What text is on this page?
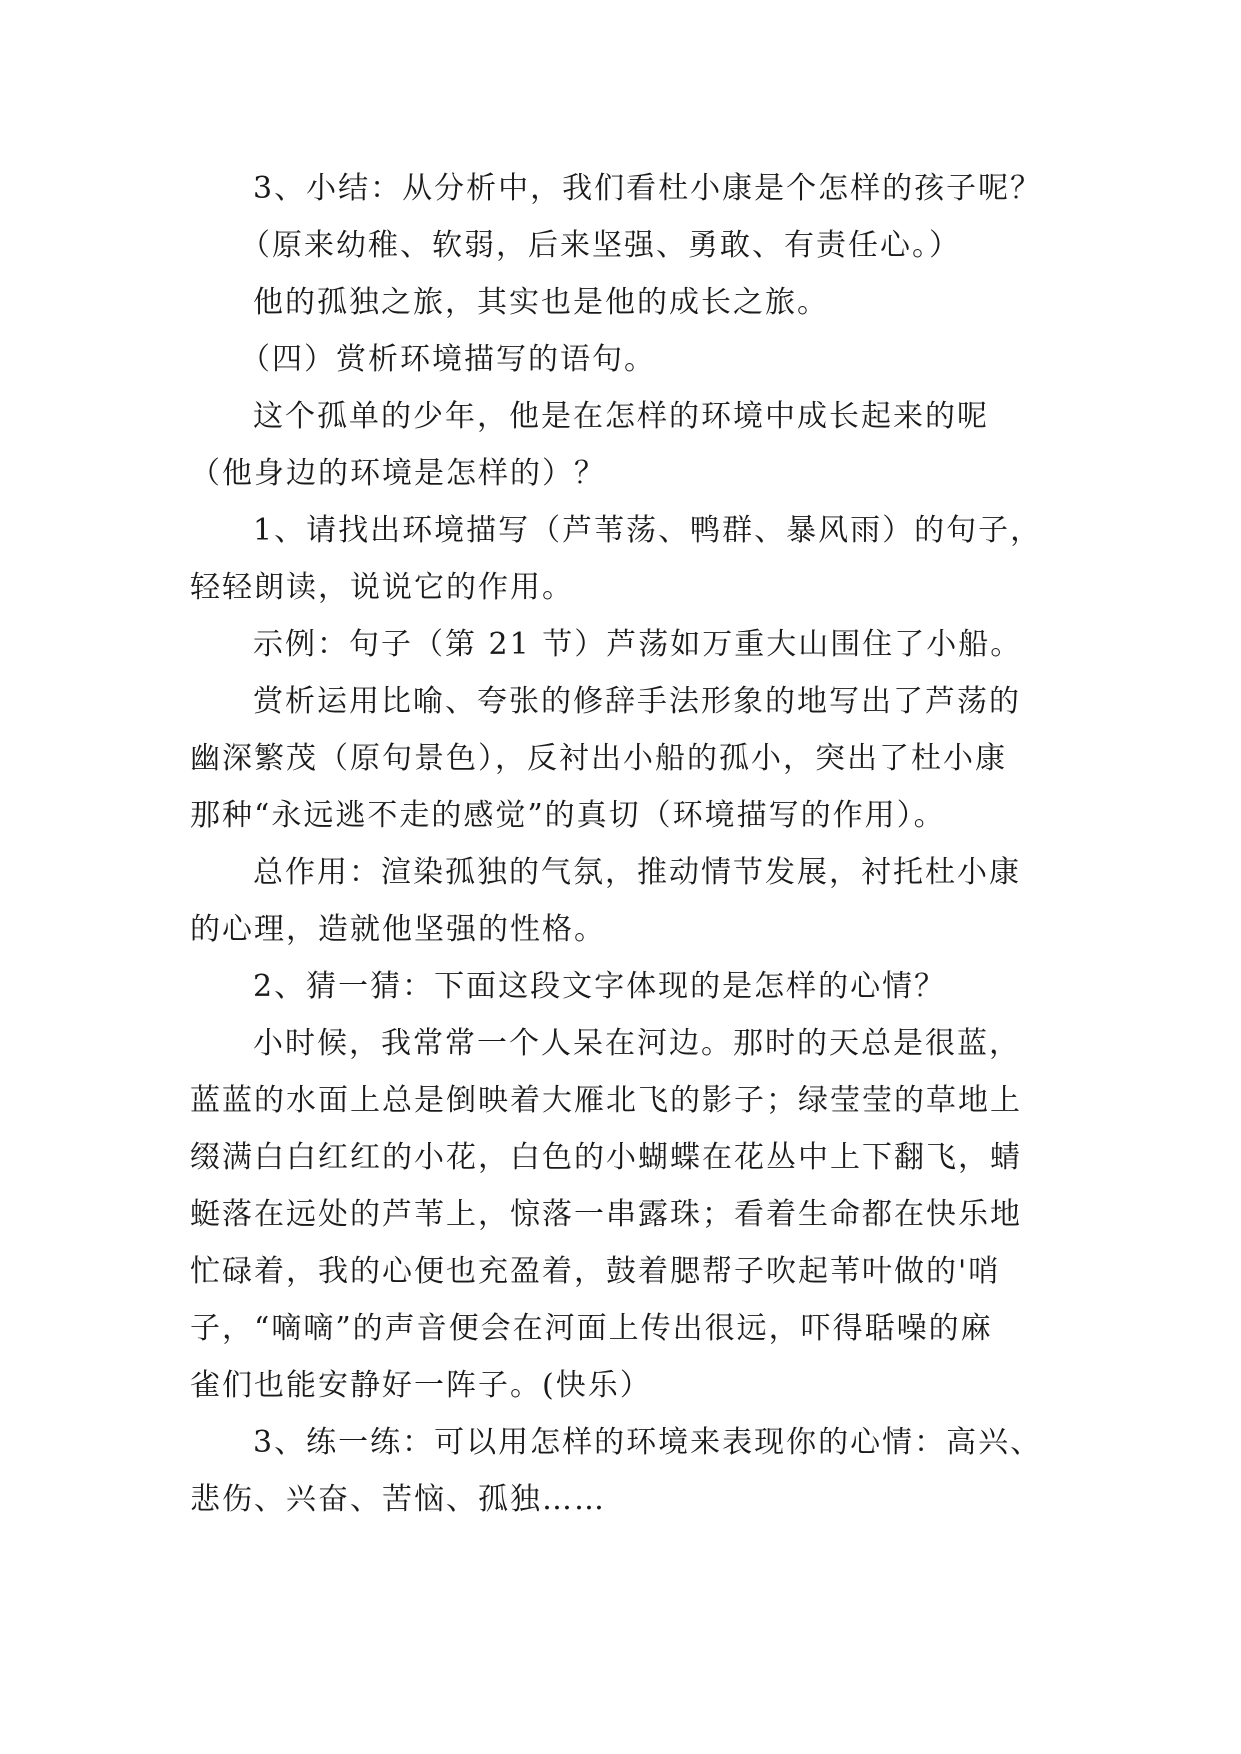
3、小结：从分析中，我们看杜小康是个怎样的孩子呢？
（原来幼稚、软弱，后来坚强、勇敢、有责任心。）
他的孤独之旅，其实也是他的成长之旅。
（四）赏析环境描写的语句。
这个孤单的少年，他是在怎样的环境中成长起来的呢
（他身边的环境是怎样的）？
1、请找出环境描写（芦苇荡、鸭群、暴风雨）的句子，
轻轻朗读，说说它的作用。
示例：句子（第 21 节）芦荡如万重大山围住了小船。
赏析运用比喻、夸张的修辞手法形象的地写出了芦荡的
幽深繁茂（原句景色），反衬出小船的孤小，突出了杜小康
那种“永远逃不走的感觉”的真切（环境描写的作用）。
总作用：渲染孤独的气氛，推动情节发展，衬托杜小康
的心理，造就他坚强的性格。
2、猜一猜：下面这段文字体现的是怎样的心情？
小时候，我常常一个人呆在河边。那时的天总是很蓝，
蓝蓝的水面上总是倒映着大雁北飞的影子；绿莹莹的草地上
缀满白白红红的小花，白色的小蝴蝶在花丛中上下翻飞，蜻
蜓落在远处的芦苇上，惊落一串露珠；看着生命都在快乐地
忙碌着，我的心便也充盈着，鼓着腮帮子吹起苇叶做的'哨
子，“嘀嘀”的声音便会在河面上传出很远，吓得聒噪的麻
雀们也能安静好一阵子。(快乐）
3、练一练：可以用怎样的环境来表现你的心情：高兴、
悲伤、兴奋、苦恼、孤独……
